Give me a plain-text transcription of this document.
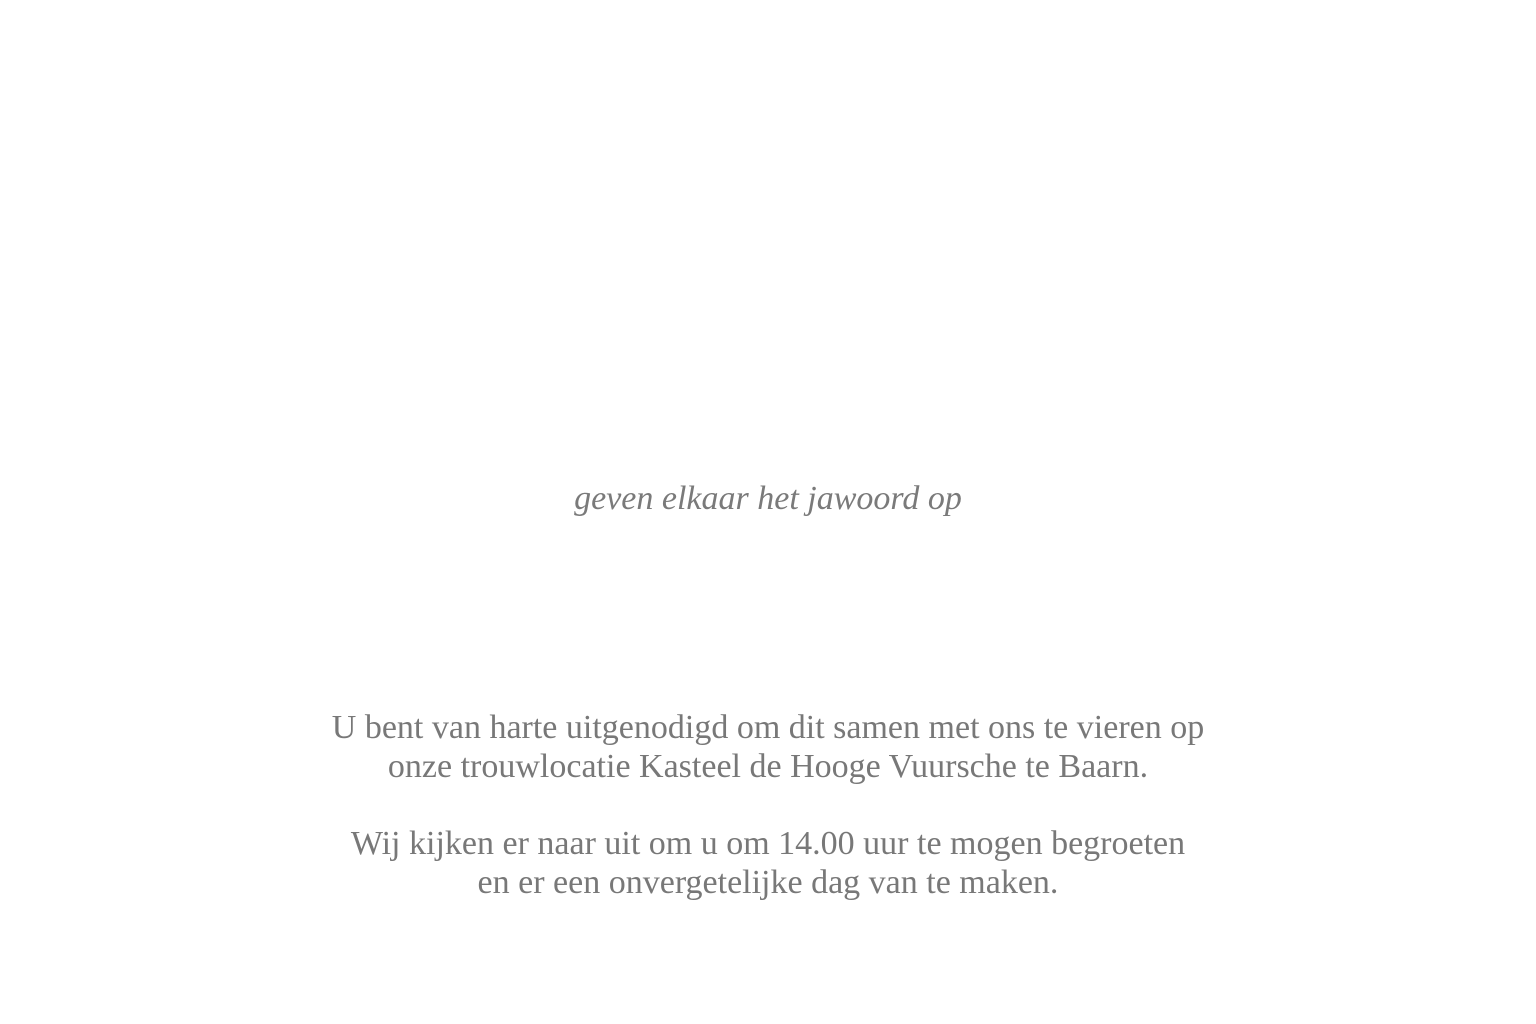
geven elkaar het jawoord op

U bent van harte uitgenodigd om dit samen met ons te vieren op

onze trouwlocatie Kasteel de Hooge Vuursche te Baarn.

Wij kijken er naar uit om u om 14.00 uur te mogen begroeten

en er een onvergetelijke dag van te maken.
